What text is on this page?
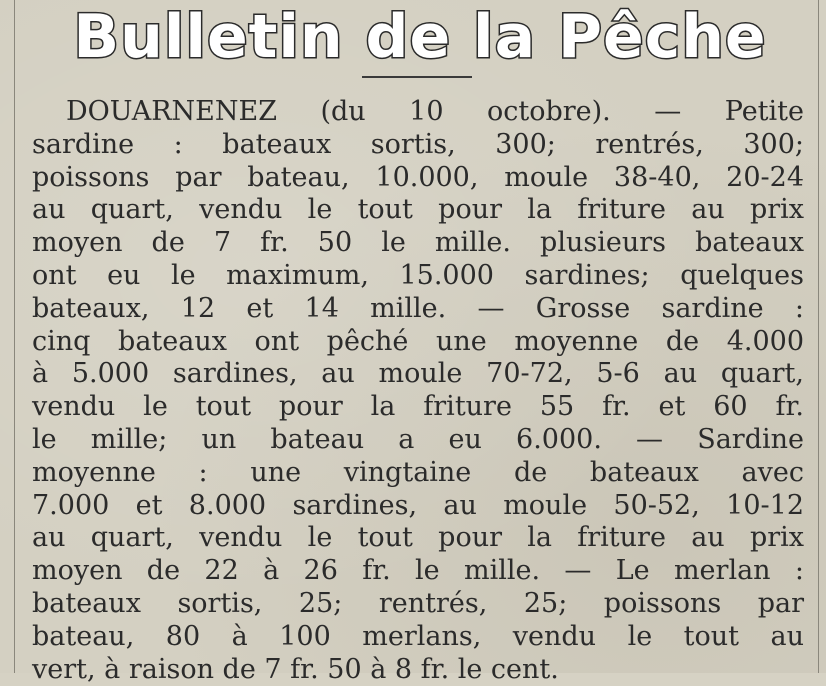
Bulletin de la Pêche
DOUARNENEZ (du 10 octobre). — Petite
sardine : bateaux sortis, 300; rentrés, 300;
poissons par bateau, 10.000, moule 38-40, 20-24
au quart, vendu le tout pour la friture au prix
moyen de 7 fr. 50 le mille. plusieurs bateaux
ont eu le maximum, 15.000 sardines; quelques
bateaux, 12 et 14 mille. — Grosse sardine :
cinq bateaux ont pêché une moyenne de 4.000
à 5.000 sardines, au moule 70-72, 5-6 au quart,
vendu le tout pour la friture 55 fr. et 60 fr.
le mille; un bateau a eu 6.000. — Sardine
moyenne : une vingtaine de bateaux avec
7.000 et 8.000 sardines, au moule 50-52, 10-12
au quart, vendu le tout pour la friture au prix
moyen de 22 à 26 fr. le mille. — Le merlan :
bateaux sortis, 25; rentrés, 25; poissons par
bateau, 80 à 100 merlans, vendu le tout au
vert, à raison de 7 fr. 50 à 8 fr. le cent.
